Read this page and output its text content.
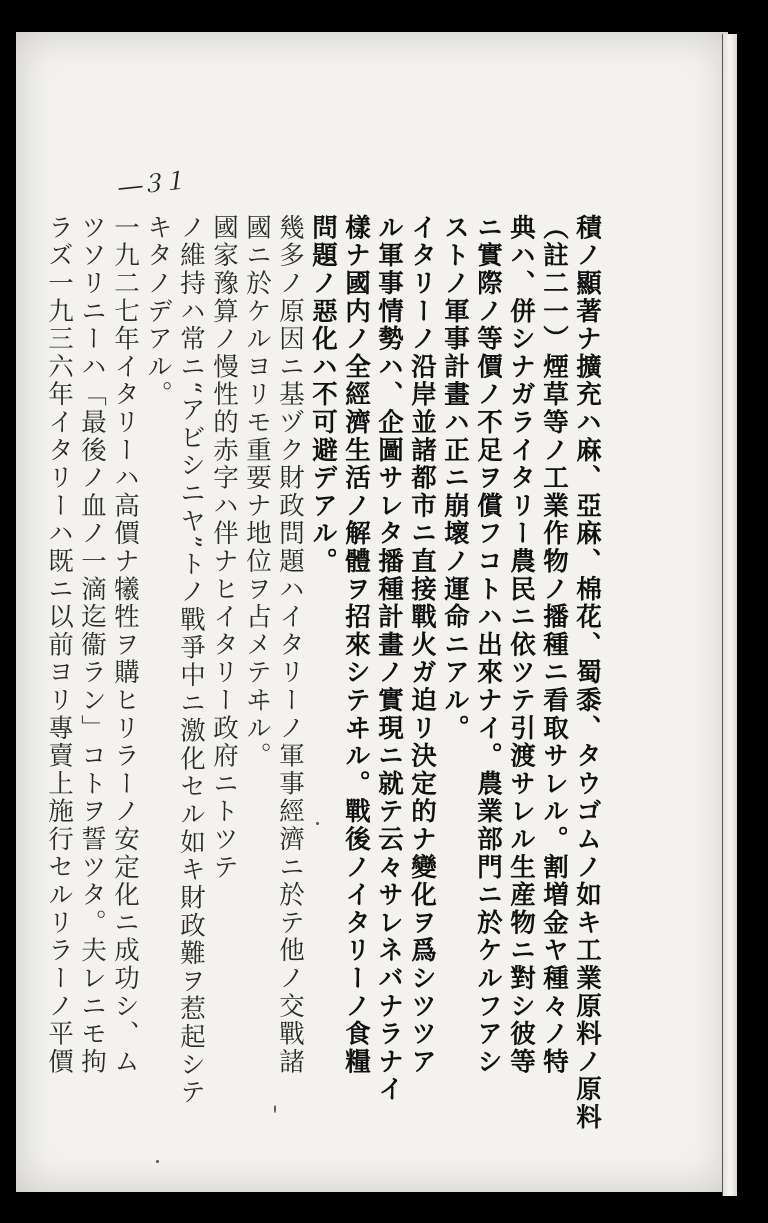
―３１
積ノ顯著ナ擴充ハ麻、亞麻、棉花、蜀黍、タウゴムノ如キ工業原料ノ原料
（註二一）煙草等ノ工業作物ノ播種ニ看取サレル。割増金ヤ種々ノ特
典ハ、併シナガライタリー農民ニ依ツテ引渡サレル生産物ニ對シ彼等
ニ實際ノ等價ノ不足ヲ償フコトハ出來ナイ。農業部門ニ於ケルフアシ
ストノ軍事計畫ハ正ニ崩壞ノ運命ニアル。
イタリーノ沿岸並諸都市ニ直接戰火ガ迫リ決定的ナ變化ヲ爲シツツア
ル軍事情勢ハ、企圖サレタ播種計畫ノ實現ニ就テ云々サレネバナラナイ
樣ナ國内ノ全經濟生活ノ解體ヲ招來シテヰル。戰後ノイタリーノ食糧
問題ノ惡化ハ不可避デアル。
幾多ノ原因ニ基ヅク財政問題ハイタリーノ軍事經濟ニ於テ他ノ交戰諸
國ニ於ケルヨリモ重要ナ地位ヲ占メテヰル。
國家豫算ノ慢性的赤字ハ伴ナヒイタリー政府ニトツテ
ノ維持ハ常ニ“アビシニヤ”トノ戰爭中ニ激化セル如キ財政難ヲ惹起シテ
キタノデアル。
一九二七年イタリーハ高價ナ犧牲ヲ購ヒリラーノ安定化ニ成功シ、ム
ツソリニーハ「最後ノ血ノ一滴迄衞ラン」コトヲ誓ツタ。夫レニモ拘
ラズ一九三六年イタリーハ既ニ以前ヨリ專賣上施行セルリラーノ平價
